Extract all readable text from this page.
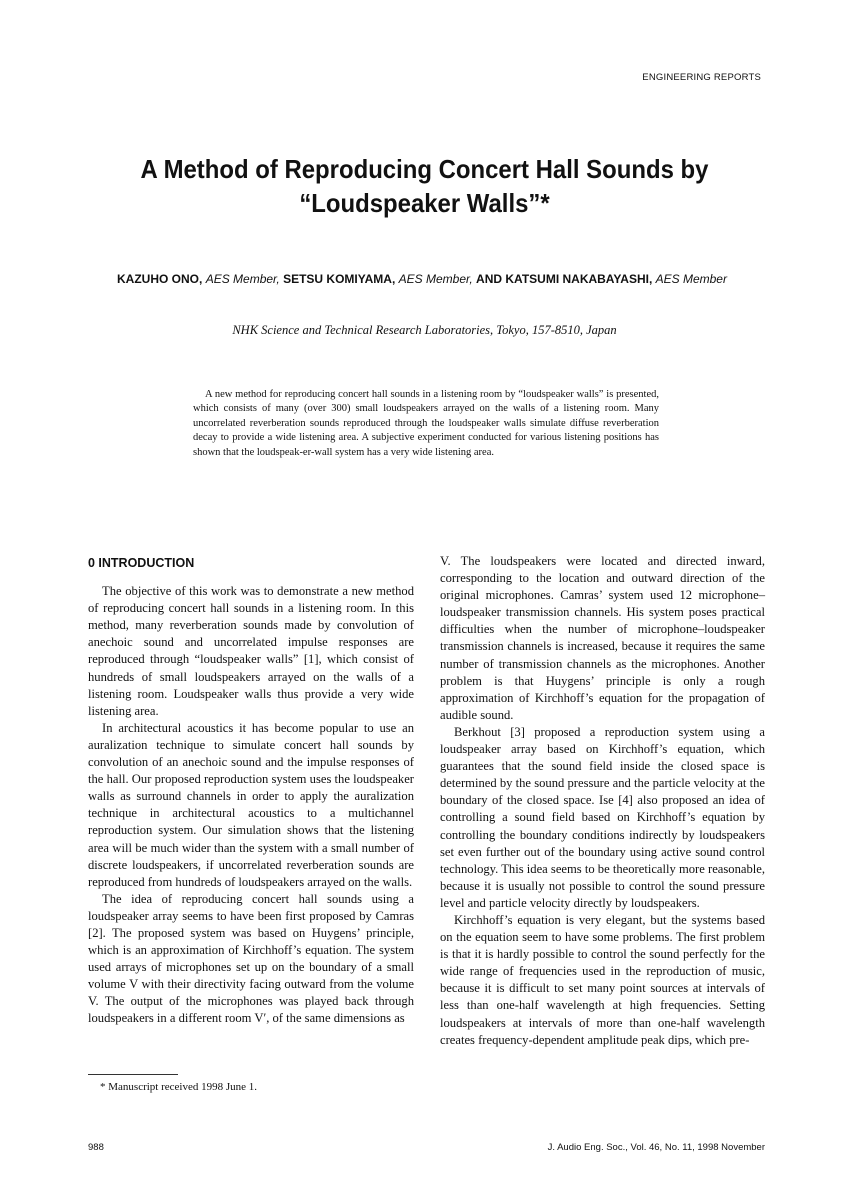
ENGINEERING REPORTS
A Method of Reproducing Concert Hall Sounds by
“Loudspeaker Walls”*
KAZUHO ONO, AES Member, SETSU KOMIYAMA, AES Member, AND KATSUMI NAKABAYASHI, AES Member
NHK Science and Technical Research Laboratories, Tokyo, 157-8510, Japan
A new method for reproducing concert hall sounds in a listening room by “loudspeaker walls” is presented, which consists of many (over 300) small loudspeakers arrayed on the walls of a listening room. Many uncorrelated reverberation sounds reproduced through the loudspeaker walls simulate diffuse reverberation decay to provide a wide listening area. A subjective experiment conducted for various listening positions has shown that the loudspeak-er-wall system has a very wide listening area.
0 INTRODUCTION

The objective of this work was to demonstrate a new method of reproducing concert hall sounds in a listening room. In this method, many reverberation sounds made by convolution of anechoic sound and uncorrelated impulse responses are reproduced through “loudspeaker walls” [1], which consist of hundreds of small loudspeakers arrayed on the walls of a listening room. Loudspeaker walls thus provide a very wide listening area.

In architectural acoustics it has become popular to use an auralization technique to simulate concert hall sounds by convolution of an anechoic sound and the impulse responses of the hall. Our proposed reproduction system uses the loudspeaker walls as surround channels in order to apply the auralization technique in architectural acoustics to a multichannel reproduction system. Our simulation shows that the listening area will be much wider than the system with a small number of discrete loudspeakers, if uncorrelated reverberation sounds are reproduced from hundreds of loudspeakers arrayed on the walls.

The idea of reproducing concert hall sounds using a loudspeaker array seems to have been first proposed by Camras [2]. The proposed system was based on Huygens’ principle, which is an approximation of Kirchhoff’s equation. The system used arrays of microphones set up on the boundary of a small volume V with their directivity facing outward from the volume V. The output of the microphones was played back through loudspeakers in a different room V′, of the same dimensions as

V. The loudspeakers were located and directed inward, corresponding to the location and outward direction of the original microphones. Camras’ system used 12 microphone–loudspeaker transmission channels. His system poses practical difficulties when the number of microphone–loudspeaker transmission channels is increased, because it requires the same number of transmission channels as the microphones. Another problem is that Huygens’ principle is only a rough approximation of Kirchhoff’s equation for the propagation of audible sound.

Berkhout [3] proposed a reproduction system using a loudspeaker array based on Kirchhoff’s equation, which guarantees that the sound field inside the closed space is determined by the sound pressure and the particle velocity at the boundary of the closed space. Ise [4] also proposed an idea of controlling a sound field based on Kirchhoff’s equation by controlling the boundary conditions indirectly by loudspeakers set even further out of the boundary using active sound control technology. This idea seems to be theoretically more reasonable, because it is usually not possible to control the sound pressure level and particle velocity directly by loudspeakers.

Kirchhoff’s equation is very elegant, but the systems based on the equation seem to have some problems. The first problem is that it is hardly possible to control the sound perfectly for the wide range of frequencies used in the reproduction of music, because it is difficult to set many point sources at intervals of less than one-half wavelength at high frequencies. Setting loudspeakers at intervals of more than one-half wavelength creates frequency-dependent amplitude peak dips, which pre-

* Manuscript received 1998 June 1.
988	J. Audio Eng. Soc., Vol. 46, No. 11, 1998 November
